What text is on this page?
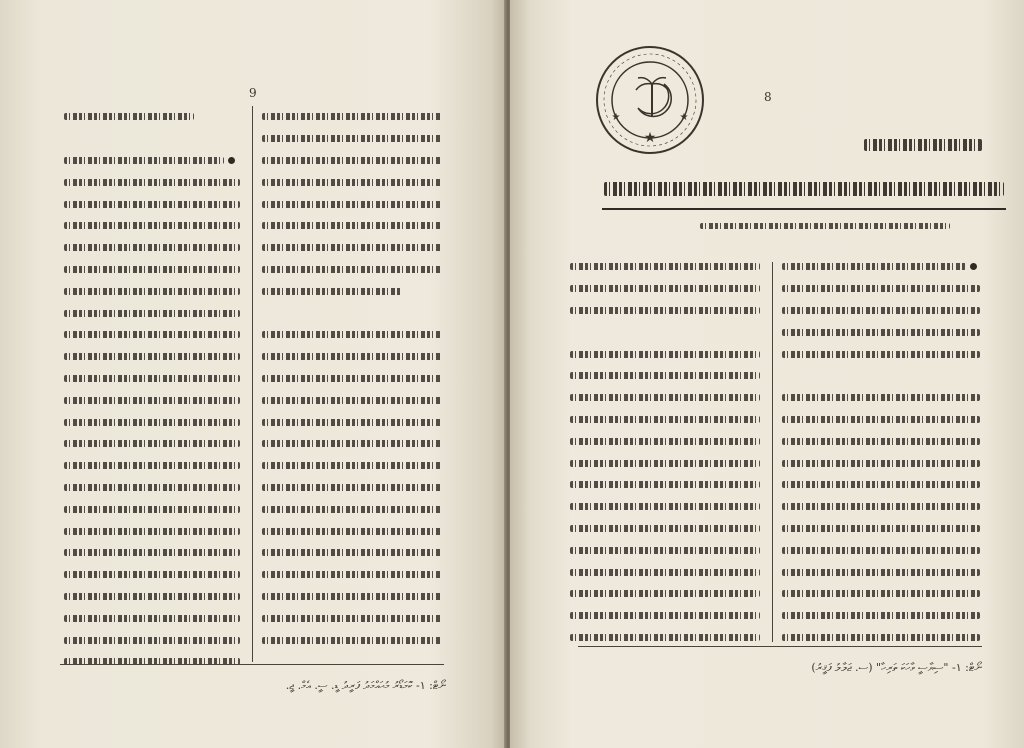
9
ނޯޓް: ١- ކޮމަޑޯރު މުޙައްމަދު ފަރީދު ޑީ. ސީ. އެމް. ޖީ.
★
★	★
8
ނޯޓް: ١- "ސިޔާސީ ވާހަކަ ތަރިހާ" (ސ. ޖަލާލު ފަޤީރު)
